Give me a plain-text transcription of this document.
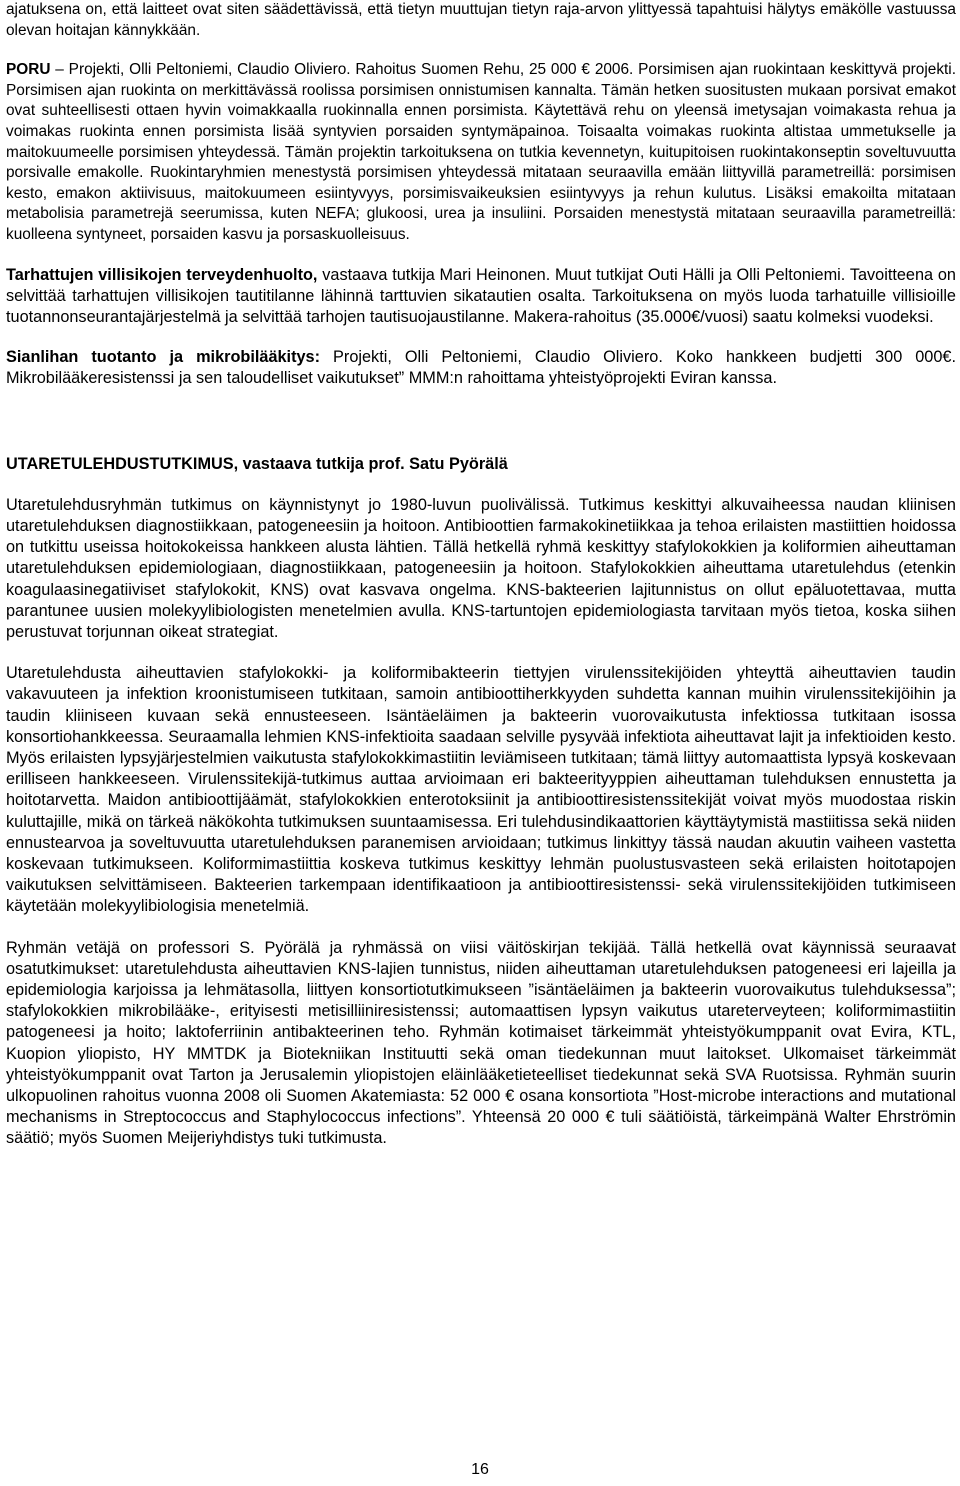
ajatuksena on, että laitteet ovat siten säädettävissä, että tietyn muuttujan tietyn raja-arvon ylittyessä tapahtuisi hälytys emäkölle vastuussa olevan hoitajan kännykkään.

PORU – Projekti, Olli Peltoniemi, Claudio Oliviero. Rahoitus Suomen Rehu, 25 000 € 2006. Porsimisen ajan ruokintaan keskittyvä projekti. Porsimisen ajan ruokinta on merkittävässä roolissa porsimisen onnistumisen kannalta. Tämän hetken suositusten mukaan porsivat emakot ovat suhteellisesti ottaen hyvin voimakkaalla ruokinnalla ennen porsimista. Käytettävä rehu on yleensä imetysajan voimakasta rehua ja voimakas ruokinta ennen porsimista lisää syntyvien porsaiden syntymäpainoa. Toisaalta voimakas ruokinta altistaa ummetukselle ja maitokuumeelle porsimisen yhteydessä. Tämän projektin tarkoituksena on tutkia kevennetyn, kuitupitoisen ruokintakonseptin soveltuvuutta porsivalle emakolle. Ruokintaryhmien menestystä porsimisen yhteydessä mitataan seuraavilla emään liittyvillä parametreillä: porsimisen kesto, emakon aktiivisuus, maitokuumeen esiintyvyys, porsimisvaikeuksien esiintyvyys ja rehun kulutus. Lisäksi emakoilta mitataan metabolisia parametrejä seerumissa, kuten NEFA; glukoosi, urea ja insuliini. Porsaiden menestystä mitataan seuraavilla parametreillä: kuolleena syntyneet, porsaiden kasvu ja porsaskuolleisuus.

Tarhattujen villisikojen terveydenhuolto, vastaava tutkija Mari Heinonen. Muut tutkijat Outi Hälli ja Olli Peltoniemi. Tavoitteena on selvittää tarhattujen villisikojen tautitilanne lähinnä tarttuvien sikatautien osalta. Tarkoituksena on myös luoda tarhatuille villisioille tuotannonseurantajärjestelmä ja selvittää tarhojen tautisuojaustilanne. Makera-rahoitus (35.000€/vuosi) saatu kolmeksi vuodeksi.

Sianlihan tuotanto ja mikrobilääkitys: Projekti, Olli Peltoniemi, Claudio Oliviero. Koko hankkeen budjetti 300 000€. Mikrobilääkeresistenssi ja sen taloudelliset vaikutukset” MMM:n rahoittama yhteistyöprojekti Eviran kanssa.

UTARETULEHDUSTUTKIMUS, vastaava tutkija prof. Satu Pyörälä

Utaretulehdusryhmän tutkimus on käynnistynyt jo 1980-luvun puolivälissä. Tutkimus keskittyi alkuvaiheessa naudan kliinisen utaretulehduksen diagnostiikkaan, patogeneesiin ja hoitoon. Antibioottien farmakokinetiikkaa ja tehoa erilaisten mastiittien hoidossa on tutkittu useissa hoitokokeissa hankkeen alusta lähtien. Tällä hetkellä ryhmä keskittyy stafylokokkien ja koliformien aiheuttaman utaretulehduksen epidemiologiaan, diagnostiikkaan, patogeneesiin ja hoitoon. Stafylokokkien aiheuttama utaretulehdus (etenkin koagulaasinegatiiviset stafylokokit, KNS) ovat kasvava ongelma. KNS-bakteerien lajitunnistus on ollut epäluotettavaa, mutta parantunee uusien molekyylibiologisten menetelmien avulla. KNS-tartuntojen epidemiologiasta tarvitaan myös tietoa, koska siihen perustuvat torjunnan oikeat strategiat.

Utaretulehdusta aiheuttavien stafylokokki- ja koliformibakteerin tiettyjen virulenssitekijöiden yhteyttä aiheuttavien taudin vakavuuteen ja infektion kroonistumiseen tutkitaan, samoin antibioottiherkkyyden suhdetta kannan muihin virulenssitekijöihin ja taudin kliiniseen kuvaan sekä ennusteeseen. Isäntäeläimen ja bakteerin vuorovaikutusta infektiossa tutkitaan isossa konsortiohankkeessa. Seuraamalla lehmien KNS-infektioita saadaan selville pysyvää infektiota aiheuttavat lajit ja infektioiden kesto. Myös erilaisten lypsyjärjestelmien vaikutusta stafylokokkimastiitin leviämiseen tutkitaan; tämä liittyy automaattista lypsyä koskevaan erilliseen hankkeeseen. Virulenssitekijä-tutkimus auttaa arvioimaan eri bakteerityyppien aiheuttaman tulehduksen ennustetta ja hoitotarvetta. Maidon antibioottijäämät, stafylokokkien enterotoksiinit ja antibioottiresistenssitekijät voivat myös muodostaa riskin kuluttajille, mikä on tärkeä näkökohta tutkimuksen suuntaamisessa. Eri tulehdusindikaattorien käyttäytymistä mastiitissa sekä niiden ennustearvoa ja soveltuvuutta utaretulehduksen paranemisen arvioidaan; tutkimus linkittyy tässä naudan akuutin vaiheen vastetta koskevaan tutkimukseen. Koliformimastiittia koskeva tutkimus keskittyy lehmän puolustusvasteen sekä erilaisten hoitotapojen vaikutuksen selvittämiseen. Bakteerien tarkempaan identifikaatioon ja antibioottiresistenssi- sekä virulenssitekijöiden tutkimiseen käytetään molekyylibiologisia menetelmiä.

Ryhmän vetäjä on professori S. Pyörälä ja ryhmässä on viisi väitöskirjan tekijää. Tällä hetkellä ovat käynnissä seuraavat osatutkimukset: utaretulehdusta aiheuttavien KNS-lajien tunnistus, niiden aiheuttaman utaretulehduksen patogeneesi eri lajeilla ja epidemiologia karjoissa ja lehmätasolla, liittyen konsortiotutkimukseen ”isäntäeläimen ja bakteerin vuorovaikutus tulehduksessa”; stafylokokkien mikrobilääke-, erityisesti metisilliiniresistenssi; automaattisen lypsyn vaikutus utareterveyteen; koliformimastiitin patogeneesi ja hoito; laktoferriinin antibakteerinen teho. Ryhmän kotimaiset tärkeimmät yhteistyökumppanit ovat Evira, KTL, Kuopion yliopisto, HY MMTDK ja Biotekniikan Instituutti sekä oman tiedekunnan muut laitokset. Ulkomaiset tärkeimmät yhteistyökumppanit ovat Tarton ja Jerusalemin yliopistojen eläinlääketieteelliset tiedekunnat sekä SVA Ruotsissa. Ryhmän suurin ulkopuolinen rahoitus vuonna 2008 oli Suomen Akatemiasta: 52 000 € osana konsortiota ”Host-microbe interactions and mutational mechanisms in Streptococcus and Staphylococcus infections”. Yhteensä 20 000 € tuli säätiöistä, tärkeimpänä Walter Ehrströmin säätiö; myös Suomen Meijeriyhdistys tuki tutkimusta.

16
